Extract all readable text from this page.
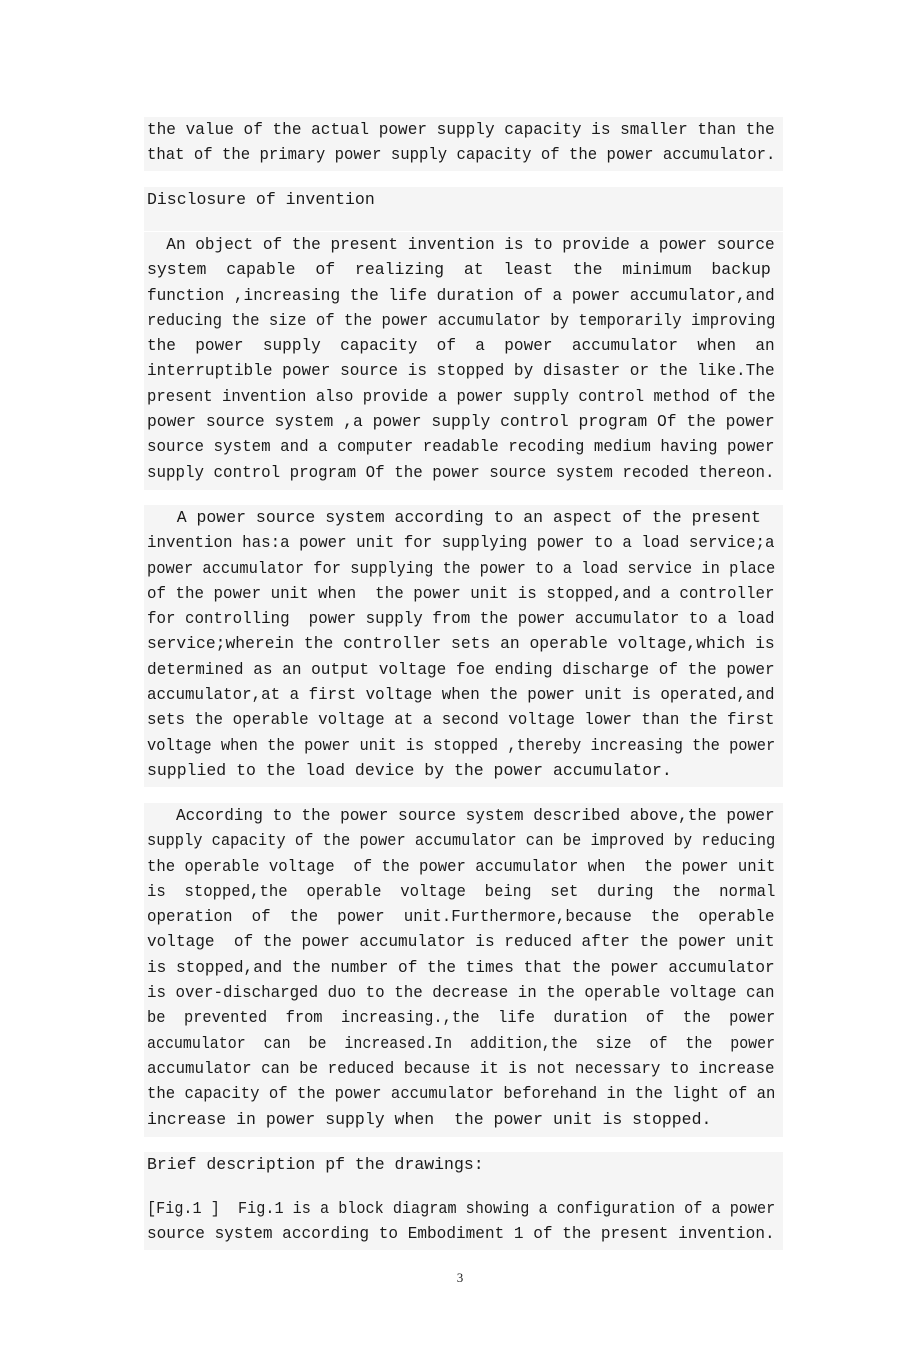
the value of the actual power supply capacity is smaller than the
that of the primary power supply capacity of the power accumulator.
Disclosure of invention
An object of the present invention is to provide a power source
system  capable  of  realizing  at  least  the  minimum  backup
function ,increasing the life duration of a power accumulator,and
reducing the size of the power accumulator by temporarily improving
the  power  supply  capacity  of  a  power  accumulator  when  an
interruptible power source is stopped by disaster or the like.The
present invention also provide a power supply control method of the
power source system ,a power supply control program Of the power
source system and a computer readable recoding medium having power
supply control program Of the power source system recoded thereon.
A power source system according to an aspect of the present
invention has:a power unit for supplying power to a load service;a
power accumulator for supplying the power to a load service in place
of the power unit when  the power unit is stopped,and a controller
for controlling  power supply from the power accumulator to a load
service;wherein the controller sets an operable voltage,which is
determined as an output voltage foe ending discharge of the power
accumulator,at a first voltage when the power unit is operated,and
sets the operable voltage at a second voltage lower than the first
voltage when the power unit is stopped ,thereby increasing the power
supplied to the load device by the power accumulator.
According to the power source system described above,the power
supply capacity of the power accumulator can be improved by reducing
the operable voltage  of the power accumulator when  the power unit
is  stopped,the  operable  voltage  being  set  during  the  normal
operation  of  the  power  unit.Furthermore,because  the  operable
voltage  of the power accumulator is reduced after the power unit
is stopped,and the number of the times that the power accumulator
is over-discharged duo to the decrease in the operable voltage can
be  prevented  from  increasing.,the  life  duration  of  the  power
accumulator  can  be  increased.In  addition,the  size  of  the  power
accumulator can be reduced because it is not necessary to increase
the capacity of the power accumulator beforehand in the light of an
increase in power supply when  the power unit is stopped.
Brief description pf the drawings:
[Fig.1 ]  Fig.1 is a block diagram showing a configuration of a power
source system according to Embodiment 1 of the present invention.
3
